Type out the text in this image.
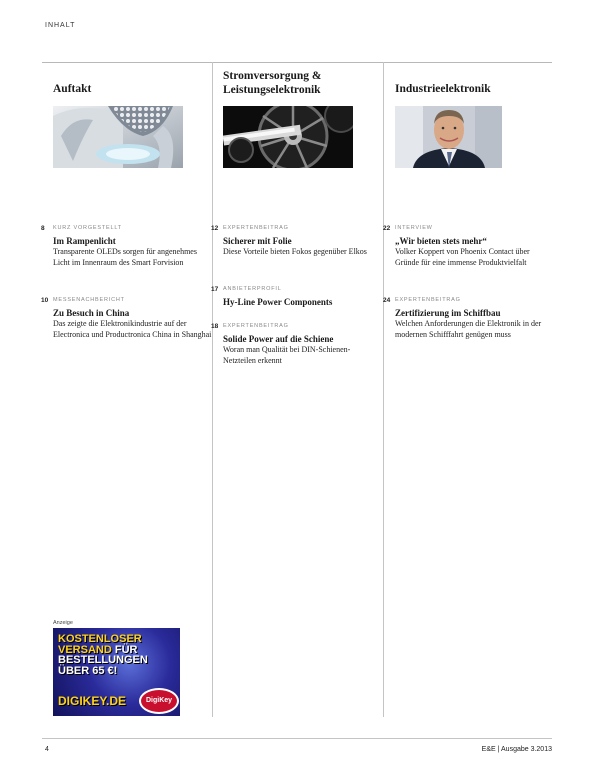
INHALT
Auftakt
8 KURZ VORGESTELLT
Im Rampenlicht
Transparente OLEDs sorgen für angenehmes Licht im Innenraum des Smart Forvision
10 MESSENACHBERICHT
Zu Besuch in China
Das zeigte die Elektronikindustrie auf der Electronica und Productronica China in Shanghai
Stromversorgung & Leistungselektronik
12 EXPERTENBEITRAG
Sicherer mit Folie
Diese Vorteile bieten Fokos gegenüber Elkos
17 ANBIETERPROFIL
Hy-Line Power Components
18 EXPERTENBEITRAG
Solide Power auf die Schiene
Woran man Qualität bei DIN-Schienen-Netzteilen erkennt
Industrieelektronik
22 INTERVIEW
„Wir bieten stets mehr“
Volker Koppert von Phoenix Contact über Gründe für eine immense Produktvielfalt
24 EXPERTENBEITRAG
Zertifizierung im Schiffbau
Welchen Anforderungen die Elektronik in der modernen Schifffahrt genügen muss
Anzeige
KOSTENLOSER
VERSAND FÜR
BESTELLUNGEN
ÜBER 65 €!
DIGIKEY.DE	DigiKey
4	E&E | Ausgabe 3.2013
